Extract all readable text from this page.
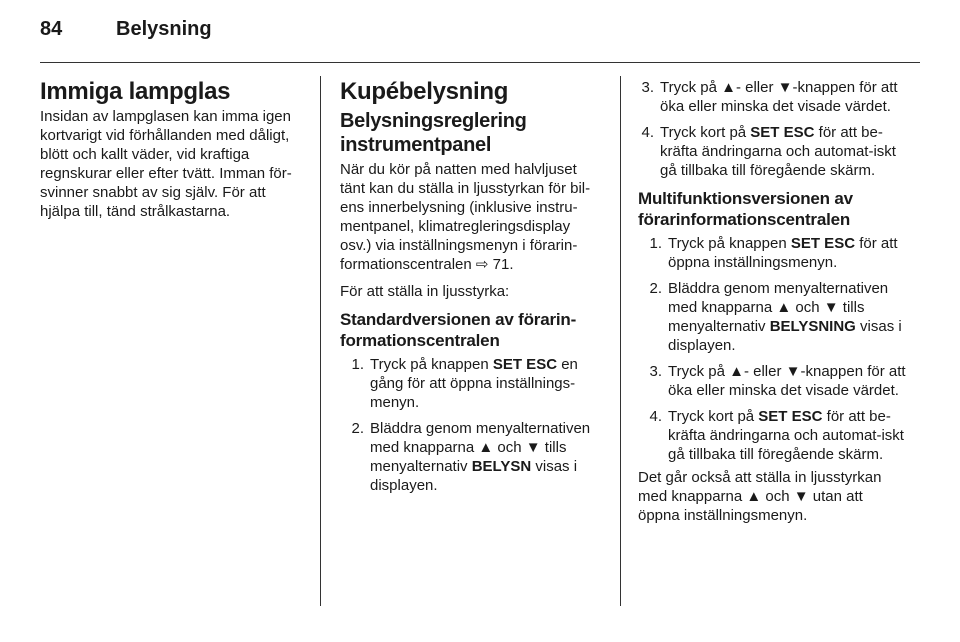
84	Belysning
Immiga lampglas

Insidan av lampglasen kan imma igen kortvarigt vid förhållanden med dåligt, blött och kallt väder, vid kraftiga regnskurar eller efter tvätt. Imman för-svinner snabbt av sig själv. För att hjälpa till, tänd strålkastarna.

Kupébelysning
Belysningsreglering instrumentpanel

När du kör på natten med halvljuset tänt kan du ställa in ljusstyrkan för bil-ens innerbelysning (inklusive instru-mentpanel, klimatregleringsdisplay osv.) via inställningsmenyn i förarin-formationscentralen ⇨ 71.

För att ställa in ljusstyrka:

Standardversionen av förarin-formationscentralen
1. Tryck på knappen SET ESC en gång för att öppna inställnings-menyn.
2. Bläddra genom menyalternativen med knapparna ▲ och ▼ tills menyalternativ BELYSN visas i displayen.
3. Tryck på ▲- eller ▼-knappen för att öka eller minska det visade värdet.
4. Tryck kort på SET ESC för att be-kräfta ändringarna och automat-iskt gå tillbaka till föregående skärm.
Multifunktionsversionen av förarinformationscentralen
1. Tryck på knappen SET ESC för att öppna inställningsmenyn.
2. Bläddra genom menyalternativen med knapparna ▲ och ▼ tills menyalternativ BELYSNING visas i displayen.
3. Tryck på ▲- eller ▼-knappen för att öka eller minska det visade värdet.
4. Tryck kort på SET ESC för att be-kräfta ändringarna och automat-iskt gå tillbaka till föregående skärm.

Det går också att ställa in ljusstyrkan med knapparna ▲ och ▼ utan att öppna inställningsmenyn.
